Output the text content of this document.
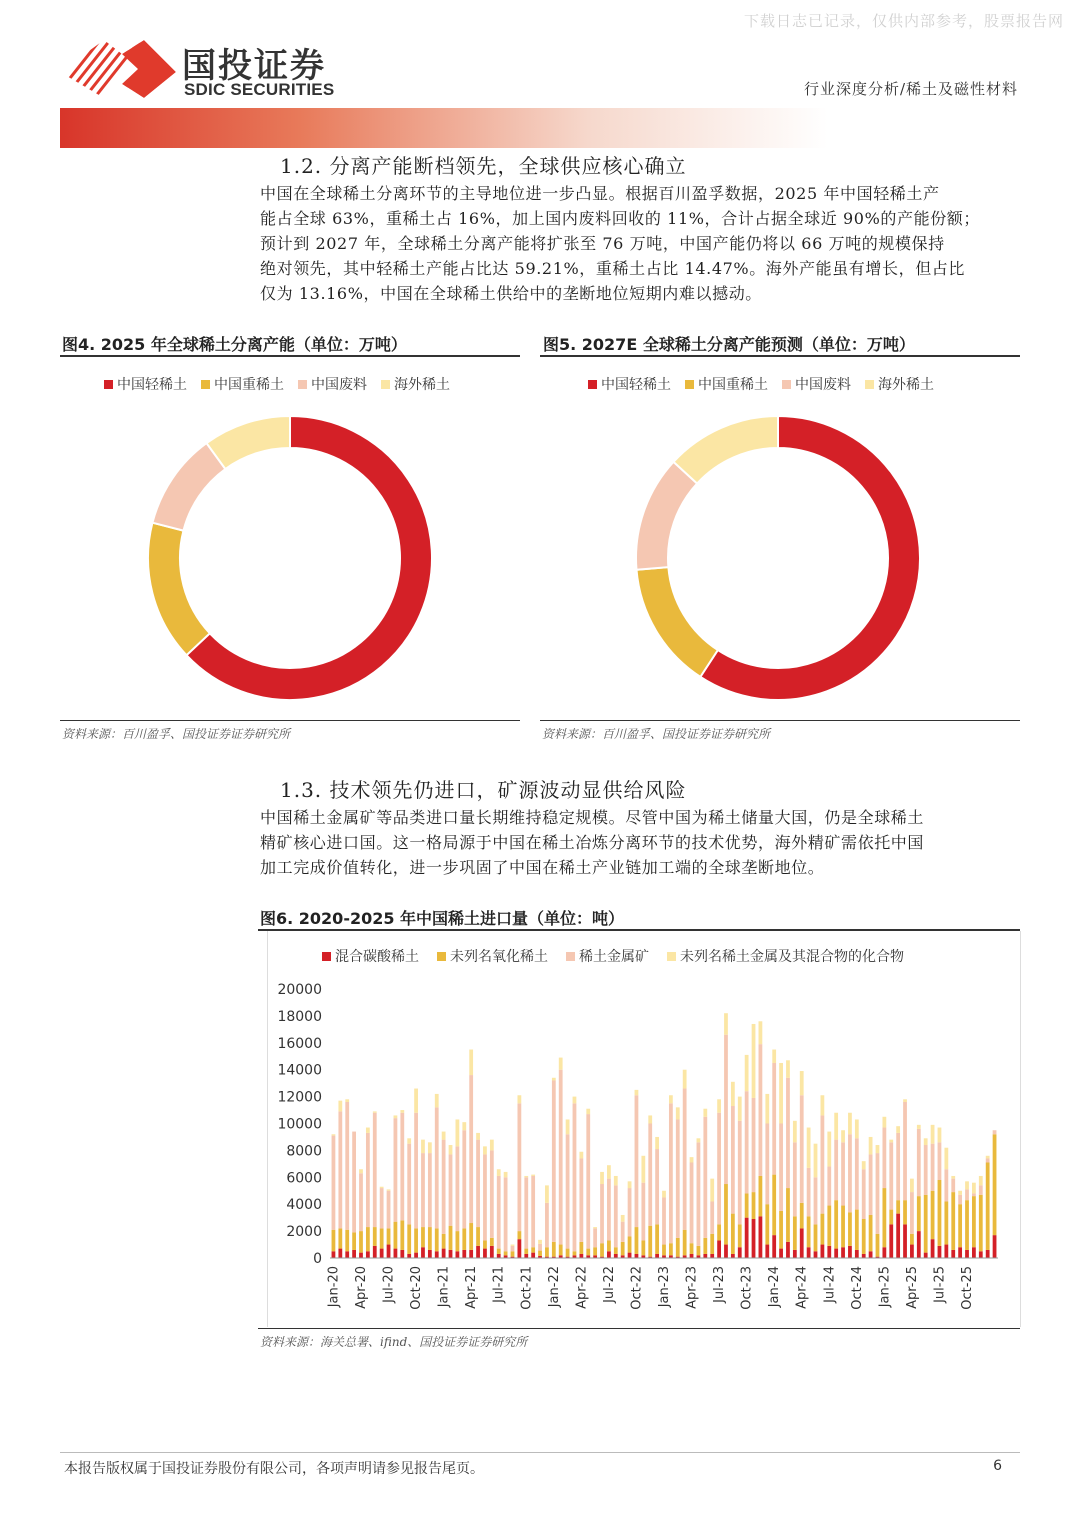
下载日志已记录，仅供内部参考，股票报告网
国投证券
SDIC SECURITIES	行业深度分析/稀土及磁性材料
1.2. 分离产能断档领先，全球供应核心确立
中国在全球稀土分离环节的主导地位进一步凸显。根据百川盈孚数据，2025 年中国轻稀土产
能占全球 63%，重稀土占 16%，加上国内废料回收的 11%，合计占据全球近 90%的产能份额；
预计到 2027 年，全球稀土分离产能将扩张至 76 万吨，中国产能仍将以 66 万吨的规模保持
绝对领先，其中轻稀土产能占比达 59.21%，重稀土占比 14.47%。海外产能虽有增长，但占比
仅为 13.16%，中国在全球稀土供给中的垄断地位短期内难以撼动。
图4. 2025 年全球稀土分离产能（单位：万吨）
中国轻稀土 中国重稀土 中国废料 海外稀土
资料来源：百川盈孚、国投证券证券研究所
图5. 2027E 全球稀土分离产能预测（单位：万吨）
中国轻稀土 中国重稀土 中国废料 海外稀土
资料来源：百川盈孚、国投证券证券研究所
1.3. 技术领先仍进口，矿源波动显供给风险
中国稀土金属矿等品类进口量长期维持稳定规模。尽管中国为稀土储量大国，仍是全球稀土
精矿核心进口国。这一格局源于中国在稀土冶炼分离环节的技术优势，海外精矿需依托中国
加工完成价值转化，进一步巩固了中国在稀土产业链加工端的全球垄断地位。
图6. 2020-2025 年中国稀土进口量（单位：吨）
混合碳酸稀土 未列名氧化稀土 稀土金属矿 未列名稀土金属及其混合物的化合物
0
2000
4000
6000
8000
10000
12000
14000
16000
18000
20000
Jan-20 Apr-20 Jul-20 Oct-20 Jan-21 Apr-21 Jul-21 Oct-21 Jan-22 Apr-22 Jul-22 Oct-22 Jan-23 Apr-23 Jul-23 Oct-23 Jan-24 Apr-24 Jul-24 Oct-24 Jan-25 Apr-25 Jul-25 Oct-25
资料来源：海关总署、ifind、国投证券证券研究所
本报告版权属于国投证券股份有限公司，各项声明请参见报告尾页。	6
